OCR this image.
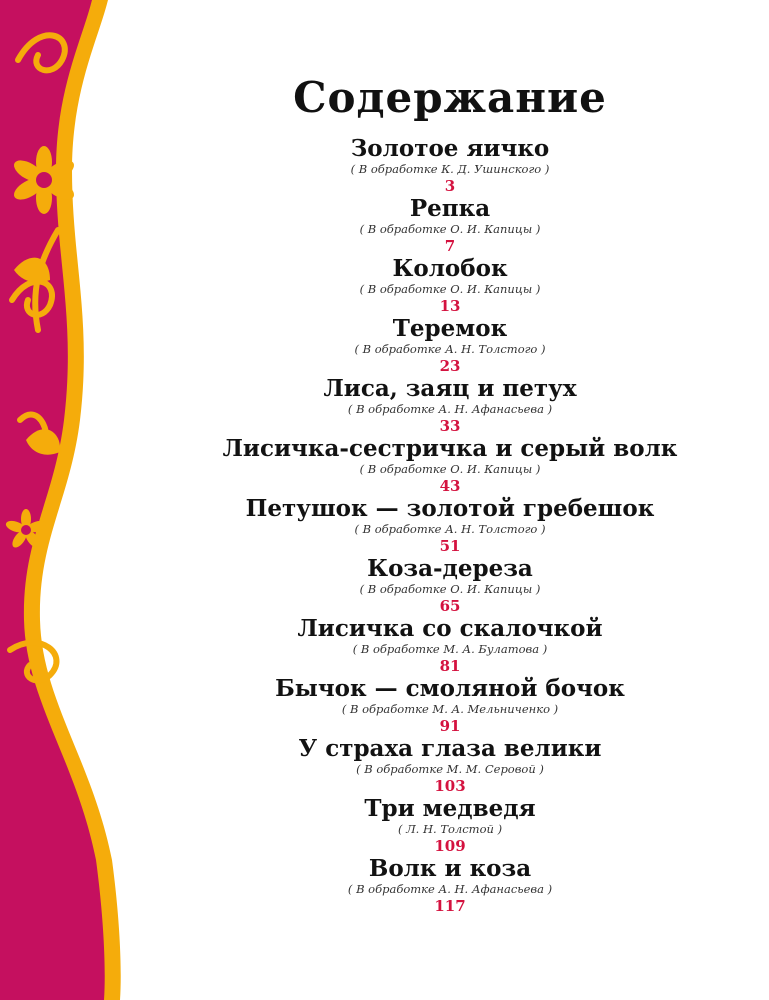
Содержание
Золотое яичко
( В обработке К. Д. Ушинского )
3
Репка
( В обработке О. И. Капицы )
7
Колобок
( В обработке О. И. Капицы )
13
Теремок
( В обработке А. Н. Толстого )
23
Лиса, заяц и петух
( В обработке А. Н. Афанасьева )
33
Лисичка-сестричка и серый волк
( В обработке О. И. Капицы )
43
Петушок — золотой гребешок
( В обработке А. Н. Толстого )
51
Коза-дереза
( В обработке О. И. Капицы )
65
Лисичка со скалочкой
( В обработке М. А. Булатова )
81
Бычок — смоляной бочок
( В обработке М. А. Мельниченко )
91
У страха глаза велики
( В обработке М. М. Серовой )
103
Три медведя
( Л. Н. Толстой )
109
Волк и коза
( В обработке А. Н. Афанасьева )
117
